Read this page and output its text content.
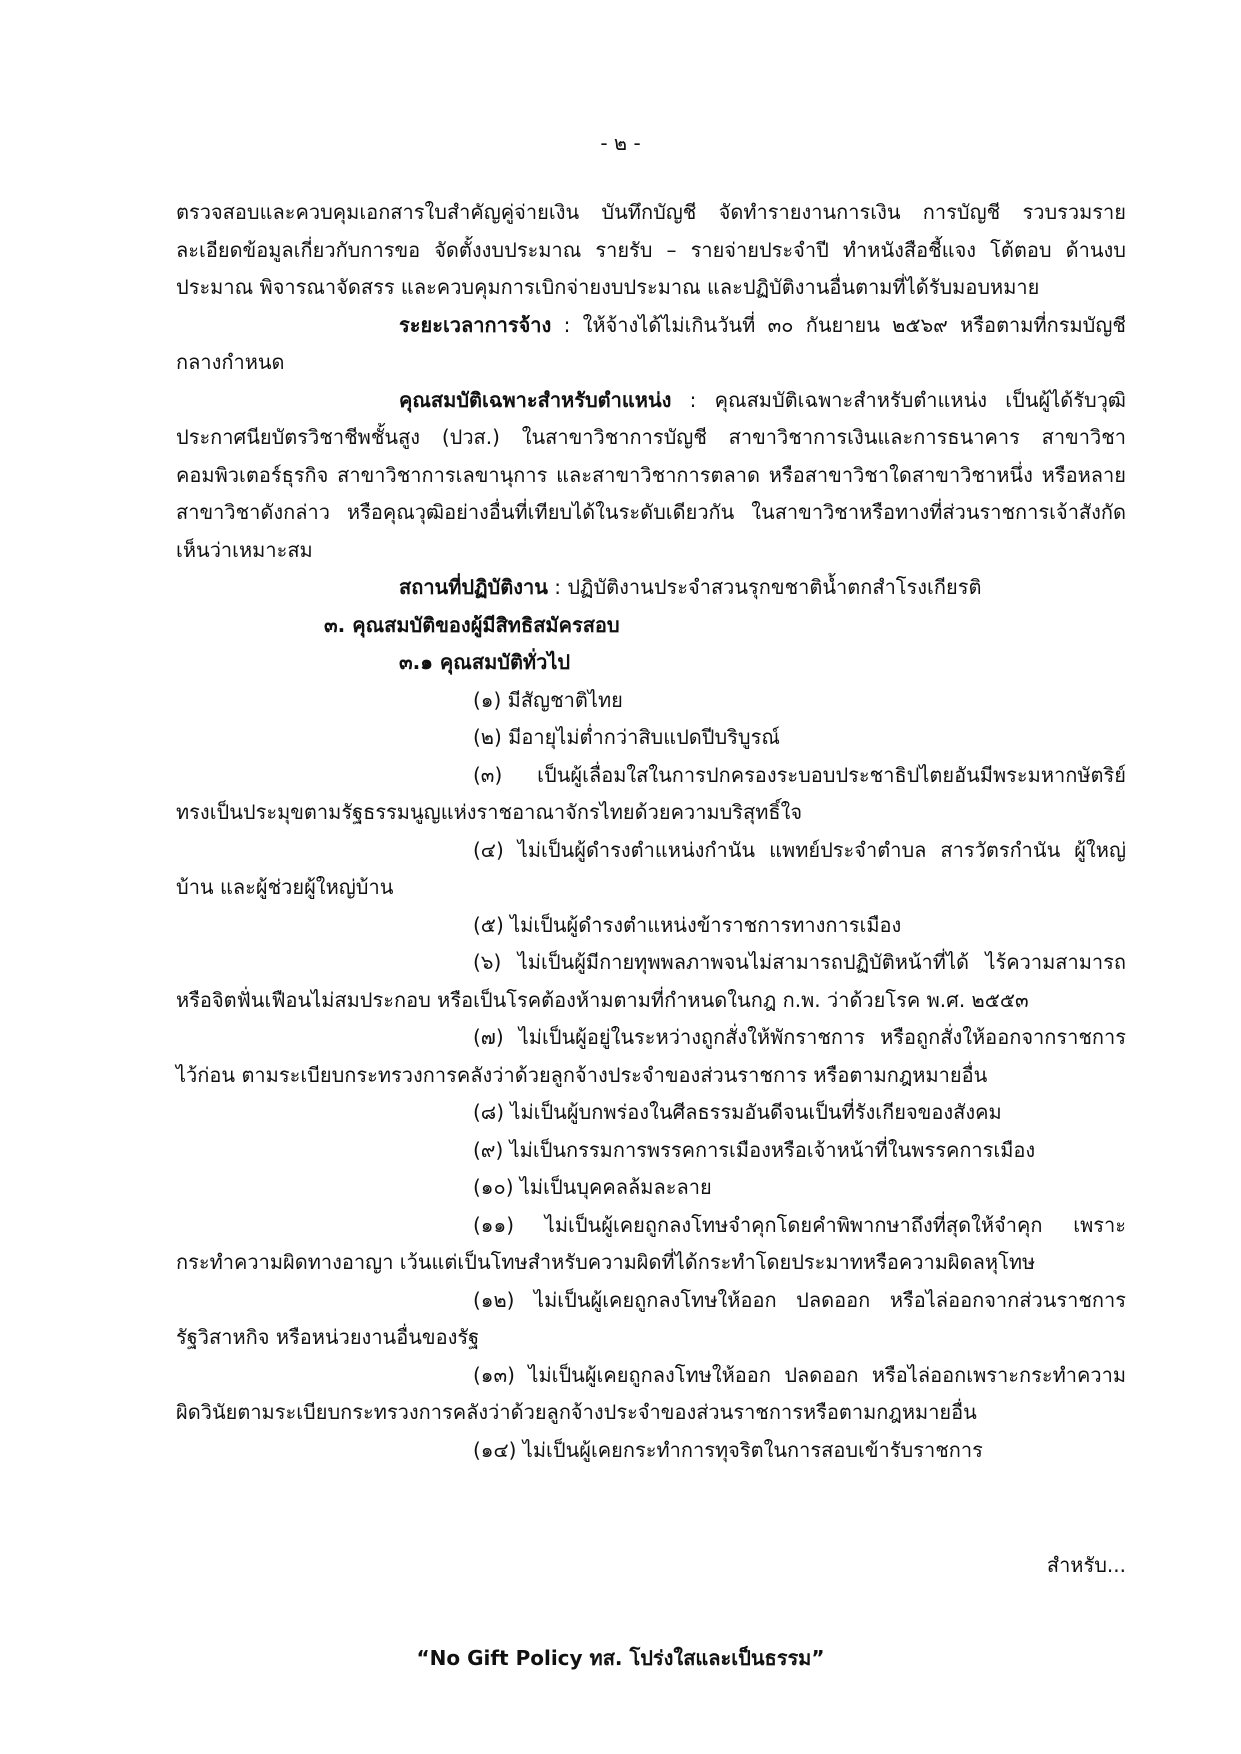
- ๒ -

ตรวจสอบและควบคุมเอกสารใบสำคัญคู่จ่ายเงิน บันทึกบัญชี จัดทำรายงานการเงิน การบัญชี รวบรวมรายละเอียดข้อมูลเกี่ยวกับการขอ จัดตั้งงบประมาณ รายรับ – รายจ่ายประจำปี ทำหนังสือชี้แจง โต้ตอบ ด้านงบประมาณ พิจารณาจัดสรร และควบคุมการเบิกจ่ายงบประมาณ และปฏิบัติงานอื่นตามที่ได้รับมอบหมาย

ระยะเวลาการจ้าง : ให้จ้างได้ไม่เกินวันที่ ๓๐ กันยายน ๒๕๖๙ หรือตามที่กรมบัญชีกลางกำหนด

คุณสมบัติเฉพาะสำหรับตำแหน่ง : คุณสมบัติเฉพาะสำหรับตำแหน่ง เป็นผู้ได้รับวุฒิประกาศนียบัตรวิชาชีพชั้นสูง (ปวส.) ในสาขาวิชาการบัญชี สาขาวิชาการเงินและการธนาคาร สาขาวิชาคอมพิวเตอร์ธุรกิจ สาขาวิชาการเลขานุการ และสาขาวิชาการตลาด หรือสาขาวิชาใดสาขาวิชาหนึ่ง หรือหลายสาขาวิชาดังกล่าว หรือคุณวุฒิอย่างอื่นที่เทียบได้ในระดับเดียวกัน ในสาขาวิชาหรือทางที่ส่วนราชการเจ้าสังกัดเห็นว่าเหมาะสม

สถานที่ปฏิบัติงาน : ปฏิบัติงานประจำสวนรุกขชาติน้ำตกสำโรงเกียรติ

๓. คุณสมบัติของผู้มีสิทธิสมัครสอบ

๓.๑ คุณสมบัติทั่วไป

(๑) มีสัญชาติไทย

(๒) มีอายุไม่ต่ำกว่าสิบแปดปีบริบูรณ์

(๓) เป็นผู้เลื่อมใสในการปกครองระบอบประชาธิปไตยอันมีพระมหากษัตริย์ทรงเป็นประมุขตามรัฐธรรมนูญแห่งราชอาณาจักรไทยด้วยความบริสุทธิ์ใจ

(๔) ไม่เป็นผู้ดำรงตำแหน่งกำนัน แพทย์ประจำตำบล สารวัตรกำนัน ผู้ใหญ่บ้าน และผู้ช่วยผู้ใหญ่บ้าน

(๕) ไม่เป็นผู้ดำรงตำแหน่งข้าราชการทางการเมือง

(๖) ไม่เป็นผู้มีกายทุพพลภาพจนไม่สามารถปฏิบัติหน้าที่ได้ ไร้ความสามารถ หรือจิตฟั่นเฟือนไม่สมประกอบ หรือเป็นโรคต้องห้ามตามที่กำหนดในกฎ ก.พ. ว่าด้วยโรค พ.ศ. ๒๕๕๓

(๗) ไม่เป็นผู้อยู่ในระหว่างถูกสั่งให้พักราชการ หรือถูกสั่งให้ออกจากราชการไว้ก่อน ตามระเบียบกระทรวงการคลังว่าด้วยลูกจ้างประจำของส่วนราชการ หรือตามกฎหมายอื่น

(๘) ไม่เป็นผู้บกพร่องในศีลธรรมอันดีจนเป็นที่รังเกียจของสังคม

(๙) ไม่เป็นกรรมการพรรคการเมืองหรือเจ้าหน้าที่ในพรรคการเมือง

(๑๐) ไม่เป็นบุคคลล้มละลาย

(๑๑) ไม่เป็นผู้เคยถูกลงโทษจำคุกโดยคำพิพากษาถึงที่สุดให้จำคุก เพราะกระทำความผิดทางอาญา เว้นแต่เป็นโทษสำหรับความผิดที่ได้กระทำโดยประมาทหรือความผิดลหุโทษ

(๑๒) ไม่เป็นผู้เคยถูกลงโทษให้ออก ปลดออก หรือไล่ออกจากส่วนราชการ รัฐวิสาหกิจ หรือหน่วยงานอื่นของรัฐ

(๑๓) ไม่เป็นผู้เคยถูกลงโทษให้ออก ปลดออก หรือไล่ออกเพราะกระทำความผิดวินัยตามระเบียบกระทรวงการคลังว่าด้วยลูกจ้างประจำของส่วนราชการหรือตามกฎหมายอื่น

(๑๔) ไม่เป็นผู้เคยกระทำการทุจริตในการสอบเข้ารับราชการ

สำหรับ...
“No Gift Policy ทส. โปร่งใสและเป็นธรรม”
